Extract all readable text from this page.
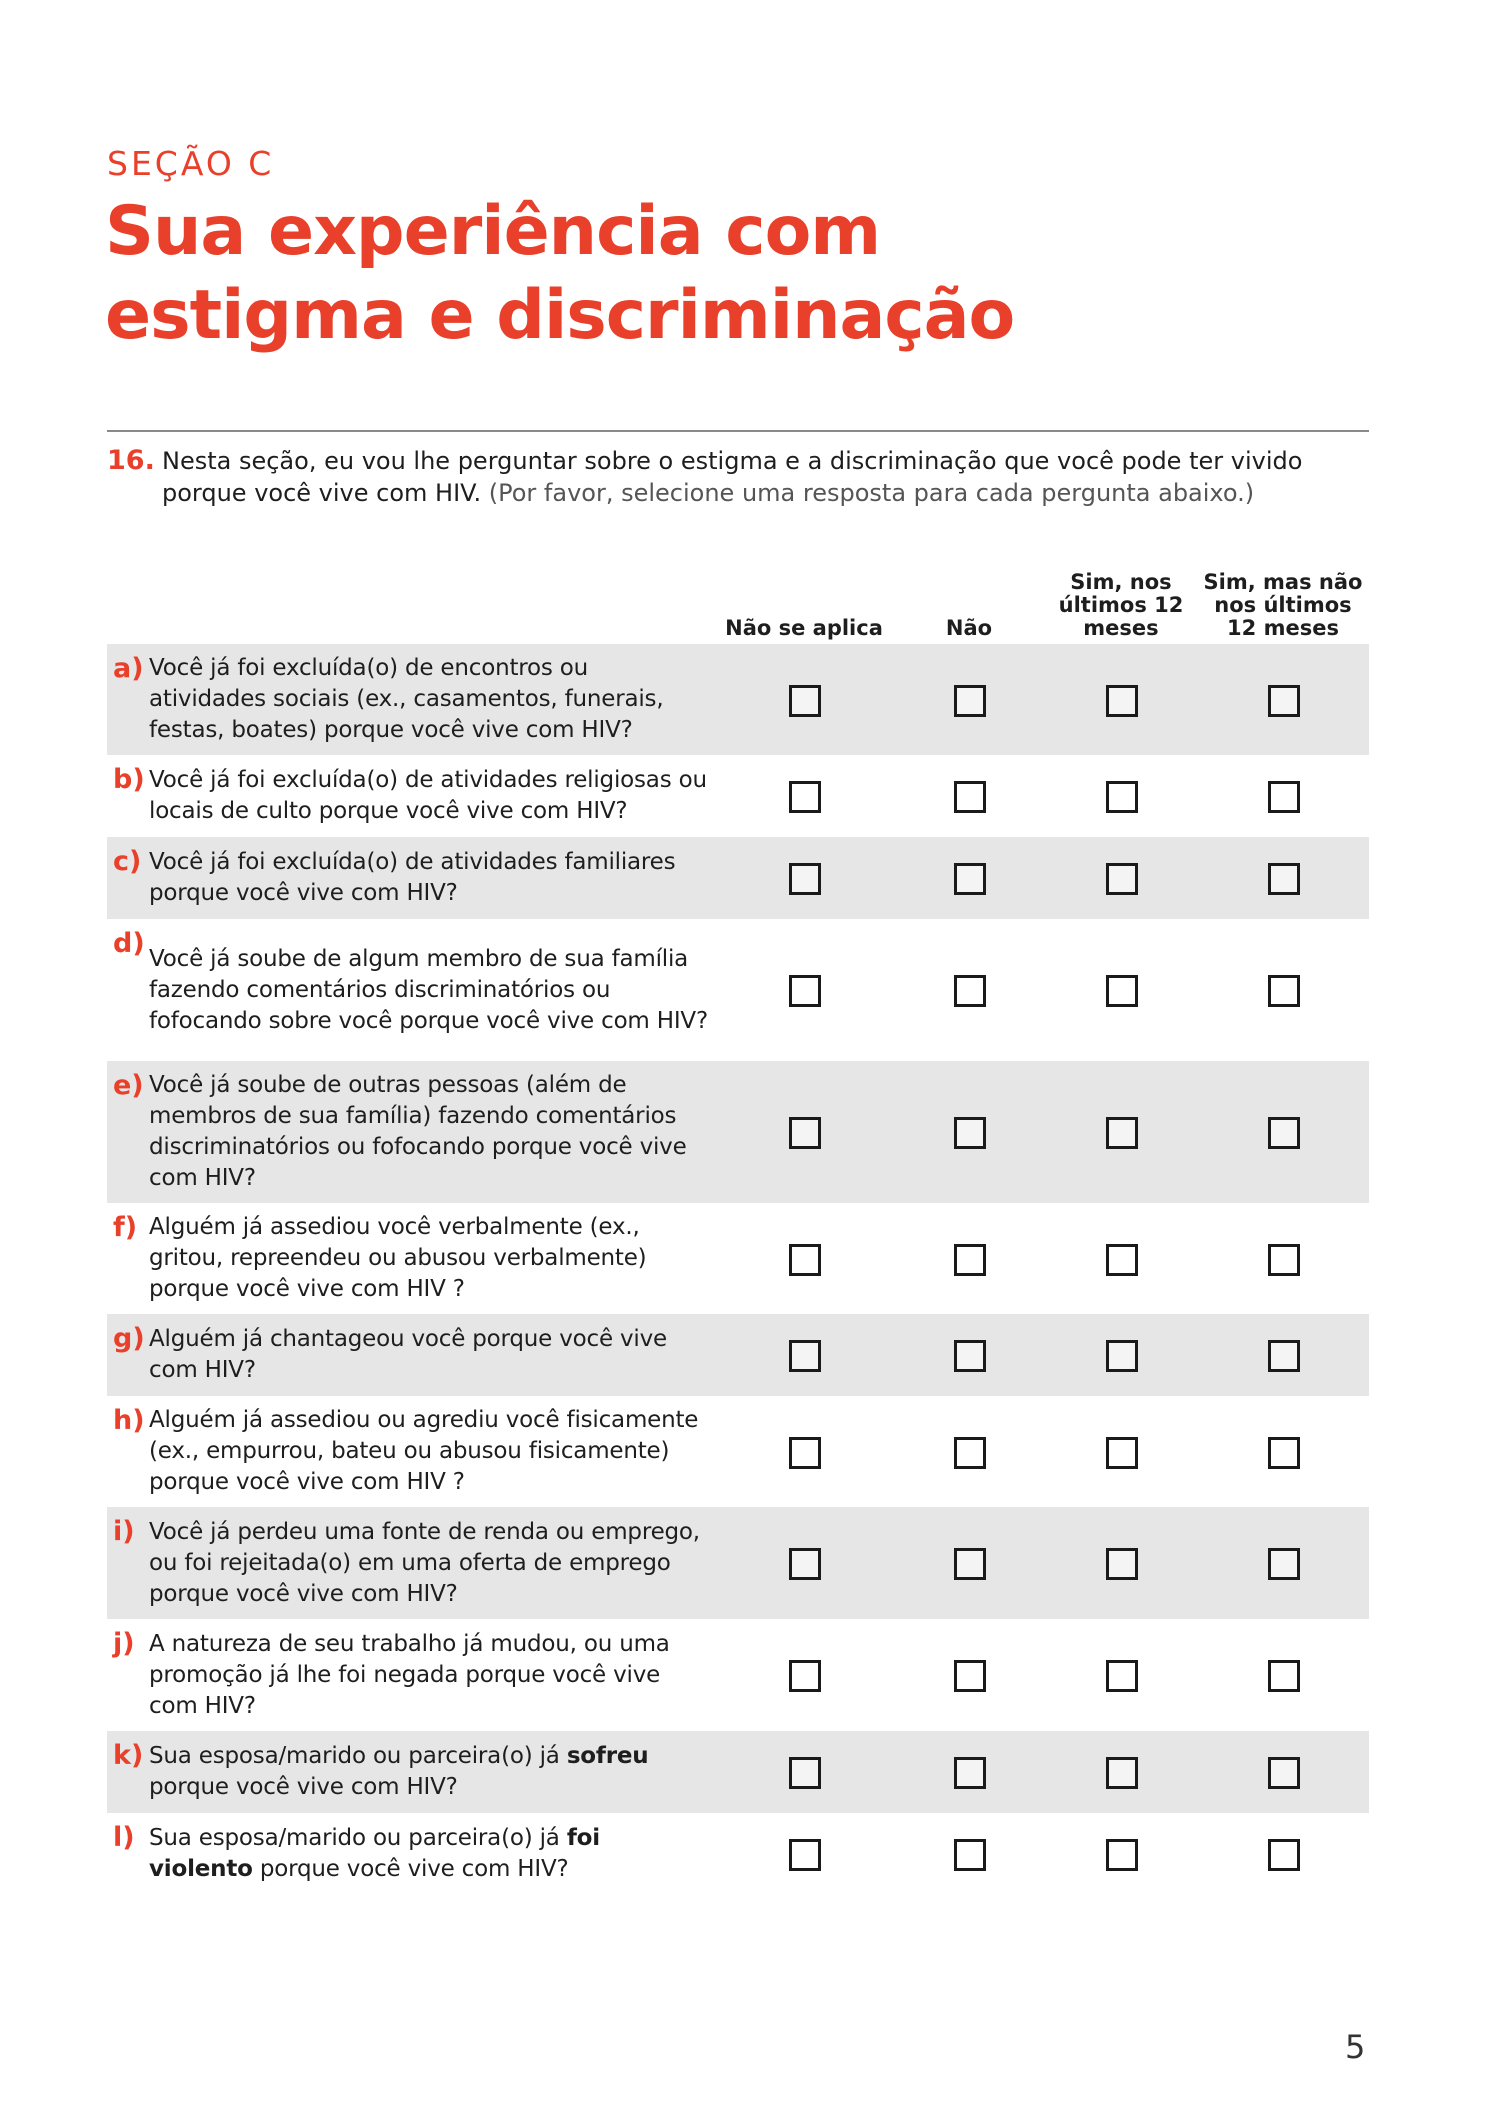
SEÇÃO C
Sua experiência com
estigma e discriminação
16. Nesta seção, eu vou lhe perguntar sobre o estigma e a discriminação que você pode ter vivido porque você vive com HIV. (Por favor, selecione uma resposta para cada pergunta abaixo.)
Não se aplica	Não
Sim, nos
últimos 12
meses
Sim, mas não
nos últimos
12 meses
a) Você já foi excluída(o) de encontros ou atividades sociais (ex., casamentos, funerais, festas, boates) porque você vive com HIV?
b) Você já foi excluída(o) de atividades religiosas ou locais de culto porque você vive com HIV?
c) Você já foi excluída(o) de atividades familiares porque você vive com HIV?
d) Você já soube de algum membro de sua família fazendo comentários discriminatórios ou fofocando sobre você porque você vive com HIV?
e) Você já soube de outras pessoas (além de membros de sua família) fazendo comentários discriminatórios ou fofocando porque você vive com HIV?
f) Alguém já assediou você verbalmente (ex., gritou, repreendeu ou abusou verbalmente) porque você vive com HIV ?
g) Alguém já chantageou você porque você vive com HIV?
h) Alguém já assediou ou agrediu você fisicamente (ex., empurrou, bateu ou abusou fisicamente) porque você vive com HIV ?
i) Você já perdeu uma fonte de renda ou emprego, ou foi rejeitada(o) em uma oferta de emprego porque você vive com HIV?
j) A natureza de seu trabalho já mudou, ou uma promoção já lhe foi negada porque você vive com HIV?
k) Sua esposa/marido ou parceira(o) já sofreu porque você vive com HIV?
l) Sua esposa/marido ou parceira(o) já foi violento porque você vive com HIV?
5
